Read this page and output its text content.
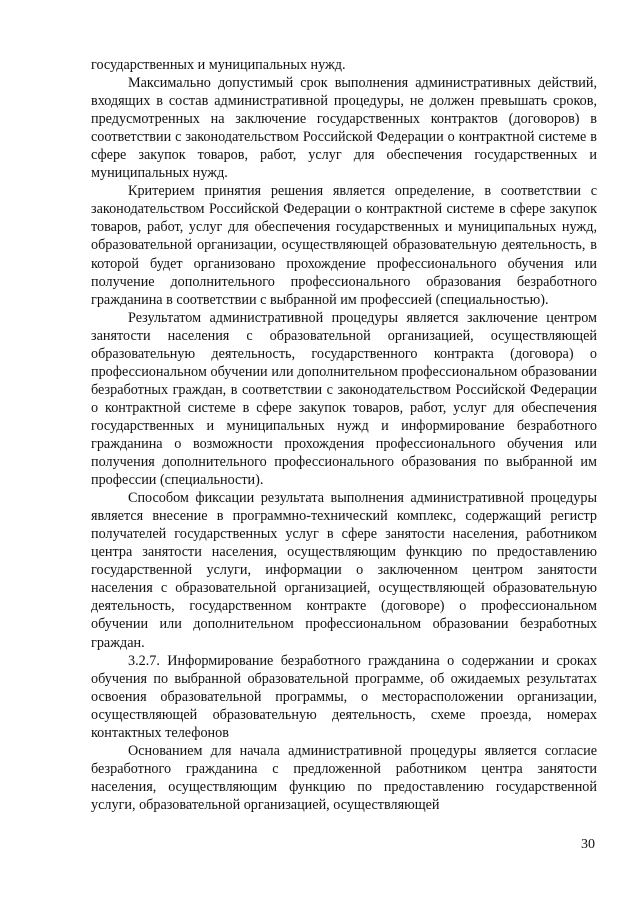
государственных и муниципальных нужд.

Максимально допустимый срок выполнения административных действий, входящих в состав административной процедуры, не должен превышать сроков, предусмотренных на заключение государственных контрактов (договоров) в соответствии с законодательством Российской Федерации о контрактной системе в сфере закупок товаров, работ, услуг для обеспечения государственных и муниципальных нужд.

Критерием принятия решения является определение, в соответствии с законодательством Российской Федерации о контрактной системе в сфере закупок товаров, работ, услуг для обеспечения государственных и муниципальных нужд, образовательной организации, осуществляющей образовательную деятельность, в которой будет организовано прохождение профессионального обучения или получение дополнительного профессионального образования безработного гражданина в соответствии с выбранной им профессией (специальностью).

Результатом административной процедуры является заключение центром занятости населения с образовательной организацией, осуществляющей образовательную деятельность, государственного контракта (договора) о профессиональном обучении или дополнительном профессиональном образовании безработных граждан, в соответствии с законодательством Российской Федерации о контрактной системе в сфере закупок товаров, работ, услуг для обеспечения государственных и муниципальных нужд и информирование безработного гражданина о возможности прохождения профессионального обучения или получения дополнительного профессионального образования по выбранной им профессии (специальности).

Способом фиксации результата выполнения административной процедуры является внесение в программно-технический комплекс, содержащий регистр получателей государственных услуг в сфере занятости населения, работником центра занятости населения, осуществляющим функцию по предоставлению государственной услуги, информации о заключенном центром занятости населения с образовательной организацией, осуществляющей образовательную деятельность, государственном контракте (договоре) о профессиональном обучении или дополнительном профессиональном образовании безработных граждан.

3.2.7. Информирование безработного гражданина о содержании и сроках обучения по выбранной образовательной программе, об ожидаемых результатах освоения образовательной программы, о месторасположении организации, осуществляющей образовательную деятельность, схеме проезда, номерах контактных телефонов

Основанием для начала административной процедуры является согласие безработного гражданина с предложенной работником центра занятости населения, осуществляющим функцию по предоставлению государственной услуги, образовательной организацией, осуществляющей

30
